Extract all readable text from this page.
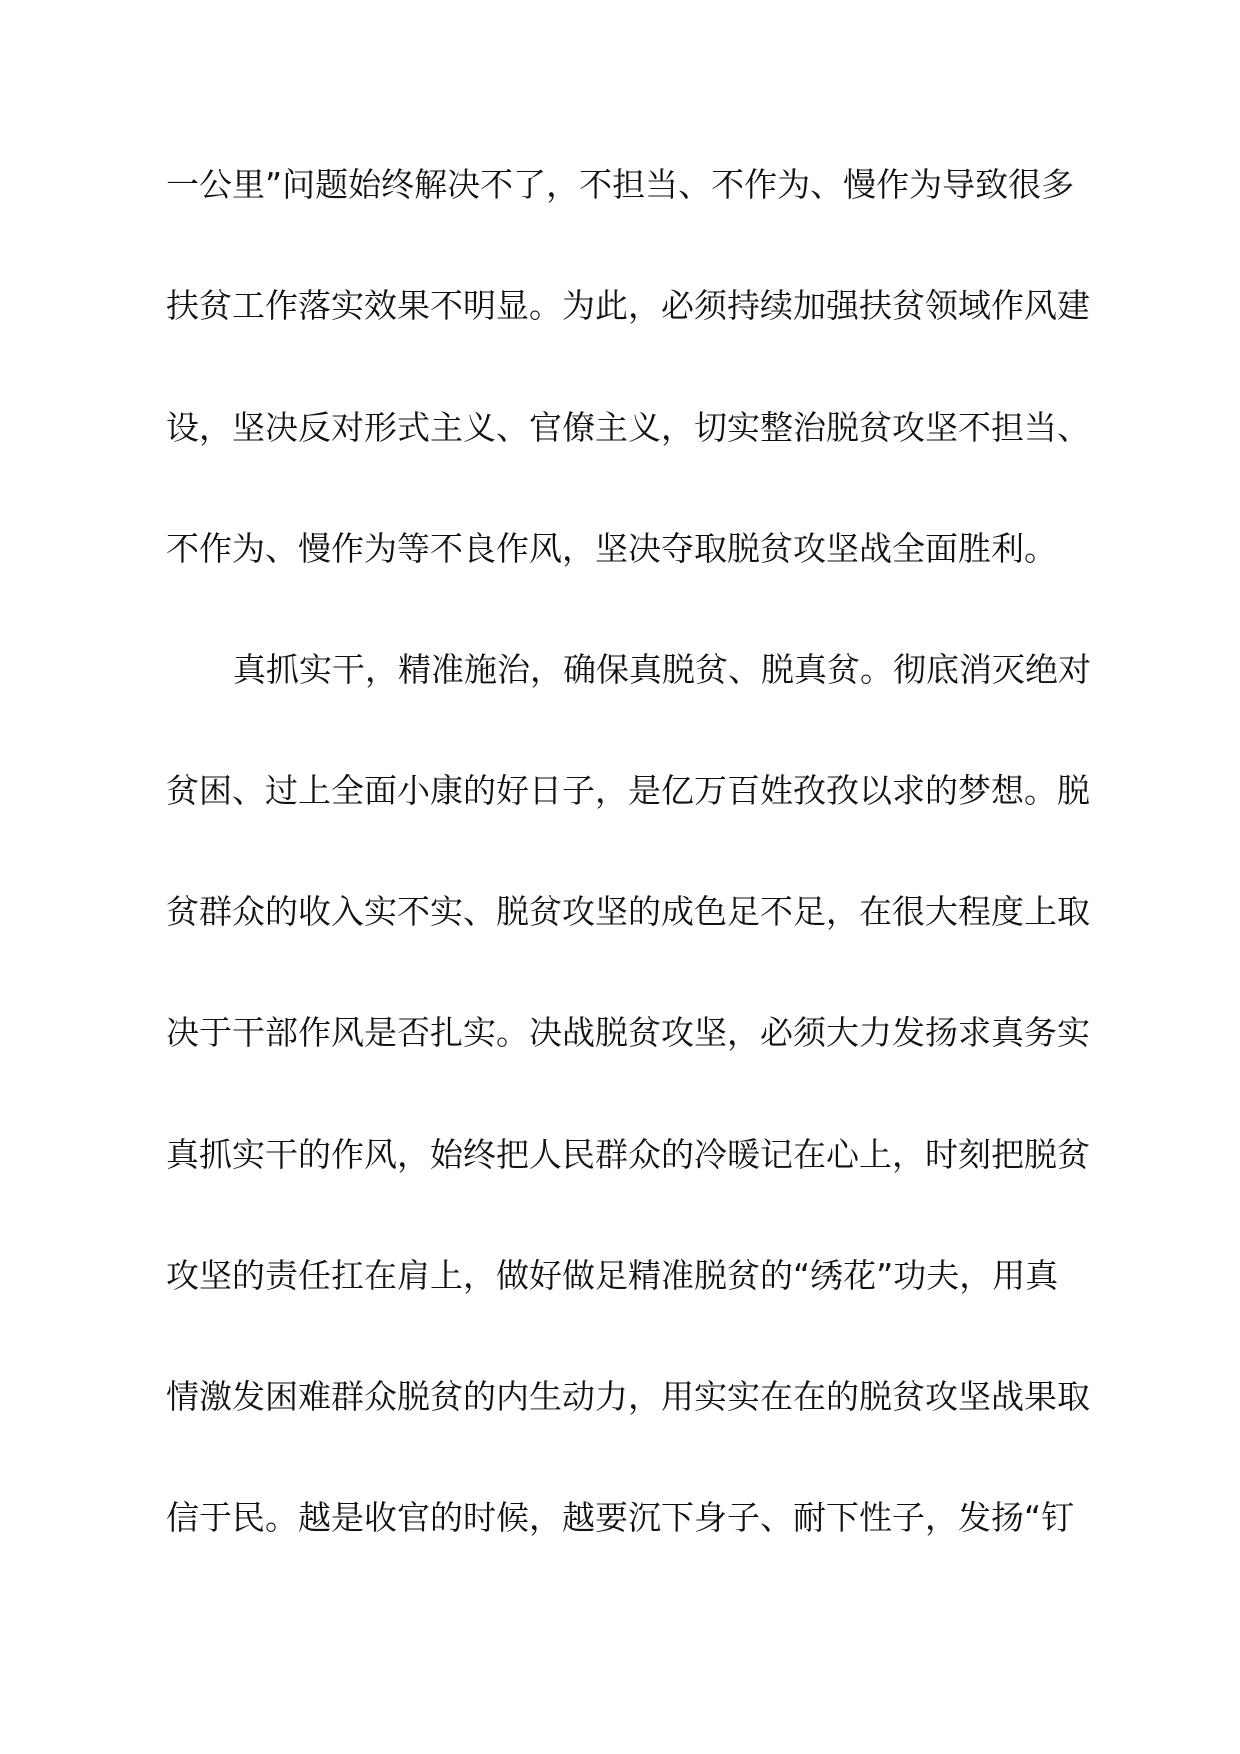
一公里”问题始终解决不了，不担当、不作为、慢作为导致很多
扶贫工作落实效果不明显。为此，必须持续加强扶贫领域作风建
设，坚决反对形式主义、官僚主义，切实整治脱贫攻坚不担当、
不作为、慢作为等不良作风，坚决夺取脱贫攻坚战全面胜利。
真抓实干，精准施治，确保真脱贫、脱真贫。彻底消灭绝对
贫困、过上全面小康的好日子，是亿万百姓孜孜以求的梦想。脱
贫群众的收入实不实、脱贫攻坚的成色足不足，在很大程度上取
决于干部作风是否扎实。决战脱贫攻坚，必须大力发扬求真务实
真抓实干的作风，始终把人民群众的冷暖记在心上，时刻把脱贫
攻坚的责任扛在肩上，做好做足精准脱贫的“绣花”功夫，用真
情激发困难群众脱贫的内生动力，用实实在在的脱贫攻坚战果取
信于民。越是收官的时候，越要沉下身子、耐下性子，发扬“钉
